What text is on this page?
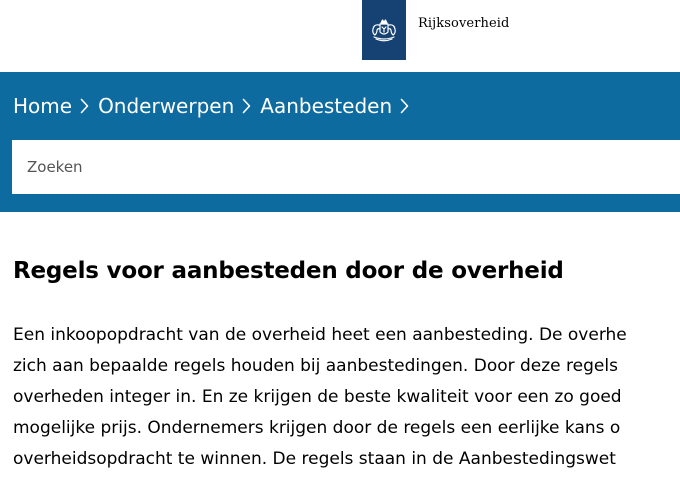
Rijksoverheid
Home Onderwerpen Aanbesteden
Zoeken
Regels voor aanbesteden door de overheid
Een inkoopopdracht van de overheid heet een aanbesteding. De overhe
zich aan bepaalde regels houden bij aanbestedingen. Door deze regels
overheden integer in. En ze krijgen de beste kwaliteit voor een zo goed
mogelijke prijs. Ondernemers krijgen door de regels een eerlijke kans o
overheidsopdracht te winnen. De regels staan in de Aanbestedingswet
